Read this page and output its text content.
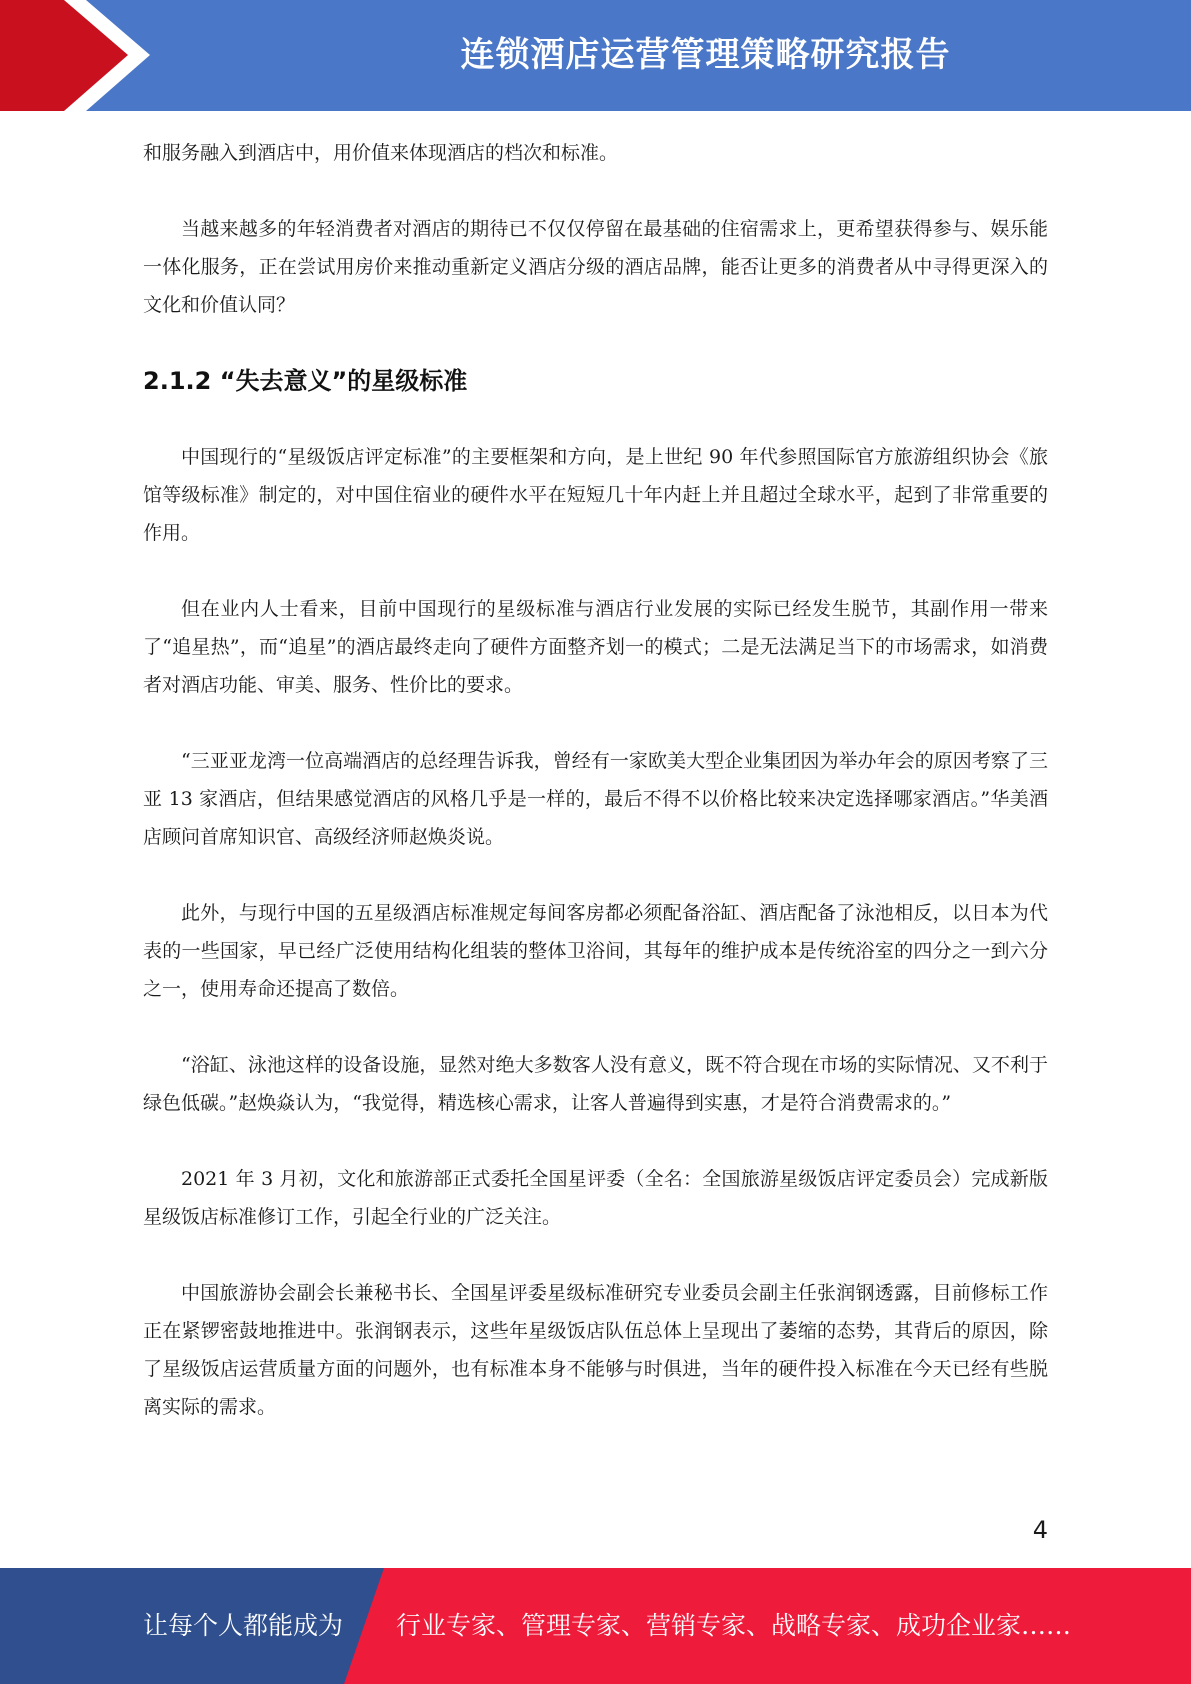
连锁酒店运营管理策略研究报告

和服务融入到酒店中，用价值来体现酒店的档次和标准。

当越来越多的年轻消费者对酒店的期待已不仅仅停留在最基础的住宿需求上，更希望获得参与、娱乐能一体化服务，正在尝试用房价来推动重新定义酒店分级的酒店品牌，能否让更多的消费者从中寻得更深入的文化和价值认同？

2.1.2 “失去意义”的星级标准

中国现行的“星级饭店评定标准”的主要框架和方向，是上世纪 90 年代参照国际官方旅游组织协会《旅馆等级标准》制定的，对中国住宿业的硬件水平在短短几十年内赶上并且超过全球水平，起到了非常重要的作用。

但在业内人士看来，目前中国现行的星级标准与酒店行业发展的实际已经发生脱节，其副作用一带来了“追星热”，而“追星”的酒店最终走向了硬件方面整齐划一的模式；二是无法满足当下的市场需求，如消费者对酒店功能、审美、服务、性价比的要求。

“三亚亚龙湾一位高端酒店的总经理告诉我，曾经有一家欧美大型企业集团因为举办年会的原因考察了三亚 13 家酒店，但结果感觉酒店的风格几乎是一样的，最后不得不以价格比较来决定选择哪家酒店。”华美酒店顾问首席知识官、高级经济师赵焕炎说。

此外，与现行中国的五星级酒店标准规定每间客房都必须配备浴缸、酒店配备了泳池相反，以日本为代表的一些国家，早已经广泛使用结构化组装的整体卫浴间，其每年的维护成本是传统浴室的四分之一到六分之一，使用寿命还提高了数倍。

“浴缸、泳池这样的设备设施，显然对绝大多数客人没有意义，既不符合现在市场的实际情况、又不利于绿色低碳。”赵焕焱认为，“我觉得，精选核心需求，让客人普遍得到实惠，才是符合消费需求的。”

2021 年 3 月初，文化和旅游部正式委托全国星评委（全名：全国旅游星级饭店评定委员会）完成新版星级饭店标准修订工作，引起全行业的广泛关注。

中国旅游协会副会长兼秘书长、全国星评委星级标准研究专业委员会副主任张润钢透露，目前修标工作正在紧锣密鼓地推进中。张润钢表示，这些年星级饭店队伍总体上呈现出了萎缩的态势，其背后的原因，除了星级饭店运营质量方面的问题外，也有标准本身不能够与时俱进，当年的硬件投入标准在今天已经有些脱离实际的需求。

4
让每个人都能成为 行业专家、管理专家、营销专家、战略专家、成功企业家……
